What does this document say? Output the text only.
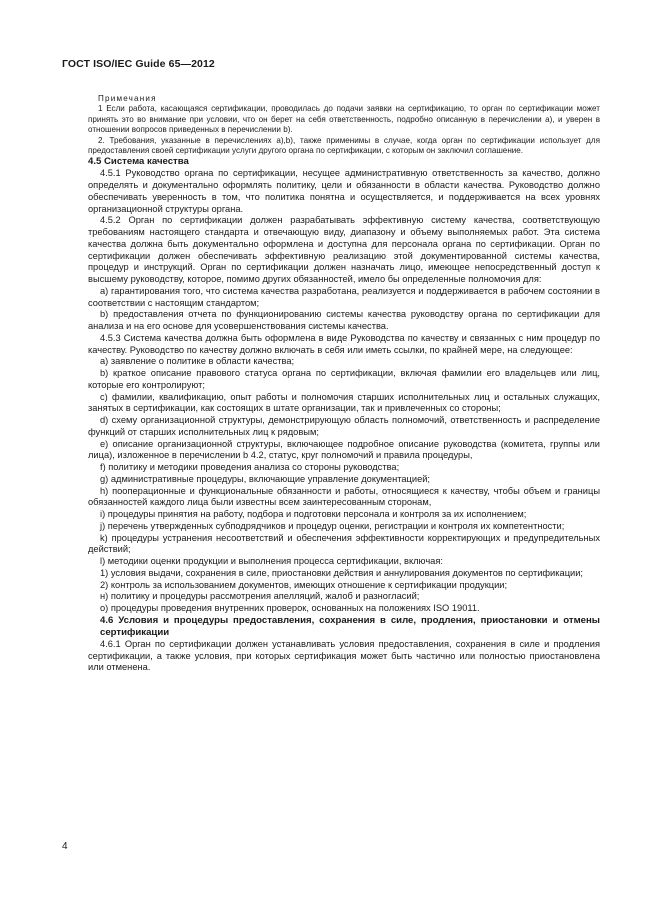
ГОСТ ISO/IEC Guide 65—2012

Примечания

1 Если работа, касающаяся сертификации, проводилась до подачи заявки на сертификацию, то орган по сертификации может принять это во внимание при условии, что он берет на себя ответственность, подробно описанную в перечислении а), и уверен в отношении вопросов приведенных в перечислении b).

2. Требования, указанные в перечислениях а),b), также применимы в случае, когда орган по сертификации использует для предоставления своей сертификации услуги другого органа по сертификации, с которым он заключил соглашение.

4.5 Система качества

4.5.1 Руководство органа по сертификации, несущее административную ответственность за качество, должно определять и документально оформлять политику, цели и обязанности в области качества. Руководство должно обеспечивать уверенность в том, что политика понятна и осуществляется, и поддерживается на всех уровнях организационной структуры органа.

4.5.2 Орган по сертификации должен разрабатывать эффективную систему качества, соответствующую требованиям настоящего стандарта и отвечающую виду, диапазону и объему выполняемых работ. Эта система качества должна быть документально оформлена и доступна для персонала органа по сертификации. Орган по сертификации должен обеспечивать эффективную реализацию этой документированной системы качества, процедур и инструкций. Орган по сертификации должен назначать лицо, имеющее непосредственный доступ к высшему руководству, которое, помимо других обязанностей, имело бы определенные полномочия для:

а) гарантирования того, что система качества разработана, реализуется и поддерживается в рабочем состоянии в соответствии с настоящим стандартом;

b) предоставления отчета по функционированию системы качества руководству органа по сертификации для анализа и на его основе для усовершенствования системы качества.

4.5.3 Система качества должна быть оформлена в виде Руководства по качеству и связанных с ним процедур по качеству. Руководство по качеству должно включать в себя или иметь ссылки, по крайней мере, на следующее:

а) заявление о политике в области качества;

b) краткое описание правового статуса органа по сертификации, включая фамилии его владельцев или лиц, которые его контролируют;

с) фамилии, квалификацию, опыт работы и полномочия старших исполнительных лиц и остальных служащих, занятых в сертификации, как состоящих в штате организации, так и привлеченных со стороны;

d) схему организационной структуры, демонстрирующую область полномочий, ответственность и распределение функций от старших исполнительных лиц к рядовым;

е) описание организационной структуры, включающее подробное описание руководства (комитета, группы или лица), изложенное в перечислении b 4.2, статус, круг полномочий и правила процедуры,

f) политику и методики проведения анализа со стороны руководства;

g) административные процедуры, включающие управление документацией;

h) пооперационные и функциональные обязанности и работы, относящиеся к качеству, чтобы объем и границы обязанностей каждого лица были известны всем заинтересованным сторонам,

i) процедуры принятия на работу, подбора и подготовки персонала и контроля за их исполнением;

j) перечень утвержденных субподрядчиков и процедур оценки, регистрации и контроля их компетентности;

k) процедуры устранения несоответствий и обеспечения эффективности корректирующих и предупредительных действий;

l) методики оценки продукции и выполнения процесса сертификации, включая:

1) условия выдачи, сохранения в силе, приостановки действия и аннулирования документов по сертификации;

2) контроль за использованием документов, имеющих отношение к сертификации продукции;

н) политику и процедуры рассмотрения апелляций, жалоб и разногласий;

о) процедуры проведения внутренних проверок, основанных на положениях ISO 19011.

4.6 Условия и процедуры предоставления, сохранения в силе, продления, приостановки и отмены сертификации

4.6.1 Орган по сертификации должен устанавливать условия предоставления, сохранения в силе и продления сертификации, а также условия, при которых сертификация может быть частично или полностью приостановлена или отменена.

4
